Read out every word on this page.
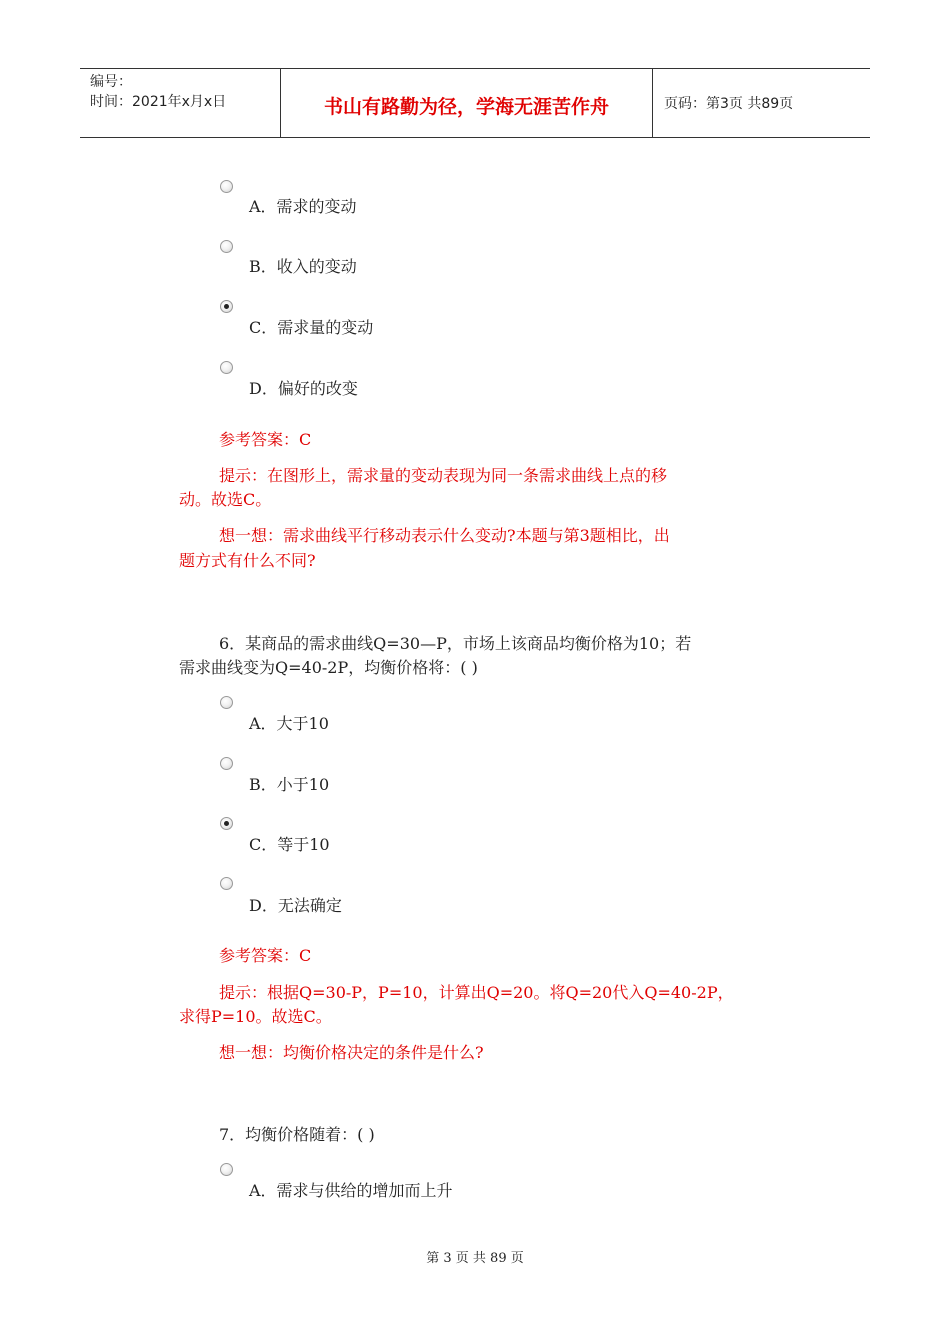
编号：
时间：2021年x月x日	书山有路勤为径，学海无涯苦作舟	页码：第3页 共89页
A．需求的变动
B．收入的变动
C．需求量的变动
D．偏好的改变
参考答案：C
提示：在图形上，需求量的变动表现为同一条需求曲线上点的移
动。故选C。
想一想：需求曲线平行移动表示什么变动?本题与第3题相比，出
题方式有什么不同?
6．某商品的需求曲线Q=30—P，市场上该商品均衡价格为10；若
需求曲线变为Q=40-2P，均衡价格将：( )
A．大于10
B．小于10
C．等于10
D．无法确定
参考答案：C
提示：根据Q=30-P，P=10，计算出Q=20。将Q=20代入Q=40-2P，
求得P=10。故选C。
想一想：均衡价格决定的条件是什么?
7．均衡价格随着：( )
A．需求与供给的增加而上升
第 3 页 共 89 页
